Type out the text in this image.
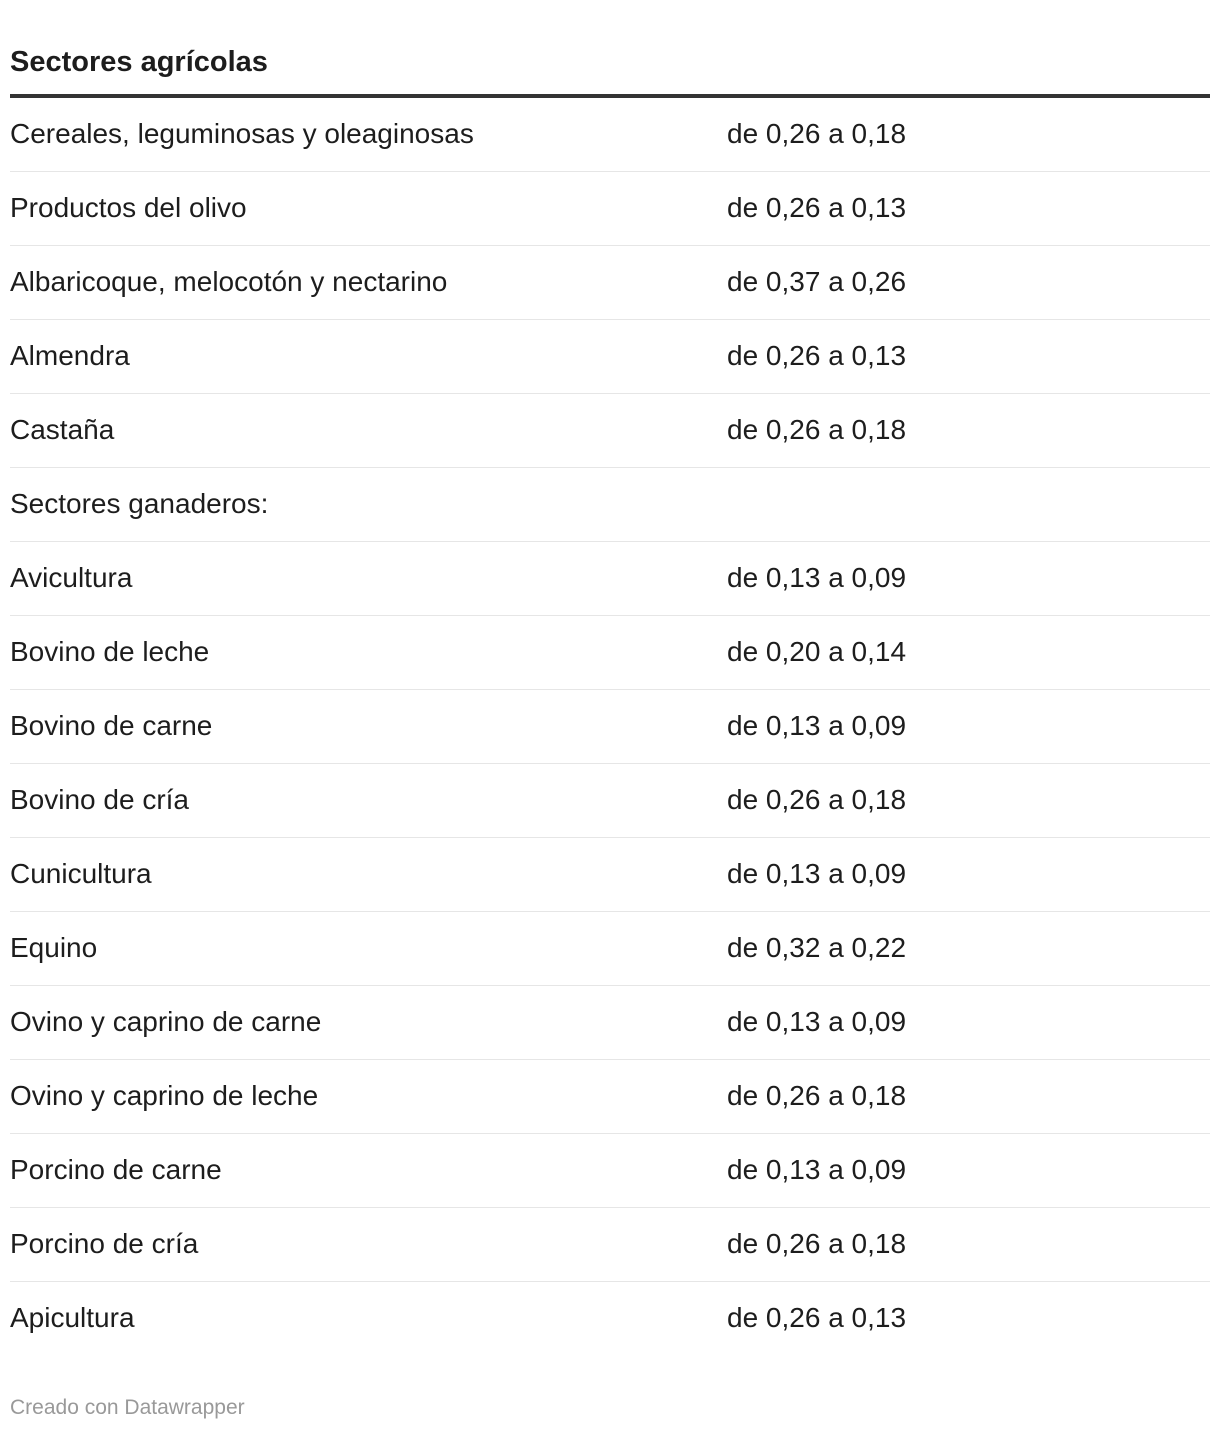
Sectores agrícolas
Cereales, leguminosas y oleaginosas	de 0,26 a 0,18
Productos del olivo	de 0,26 a 0,13
Albaricoque, melocotón y nectarino	de 0,37 a 0,26
Almendra	de 0,26 a 0,13
Castaña	de 0,26 a 0,18
Sectores ganaderos:
Avicultura	de 0,13 a 0,09
Bovino de leche	de 0,20 a 0,14
Bovino de carne	de 0,13 a 0,09
Bovino de cría	de 0,26 a 0,18
Cunicultura	de 0,13 a 0,09
Equino	de 0,32 a 0,22
Ovino y caprino de carne	de 0,13 a 0,09
Ovino y caprino de leche	de 0,26 a 0,18
Porcino de carne	de 0,13 a 0,09
Porcino de cría	de 0,26 a 0,18
Apicultura	de 0,26 a 0,13
Creado con Datawrapper
